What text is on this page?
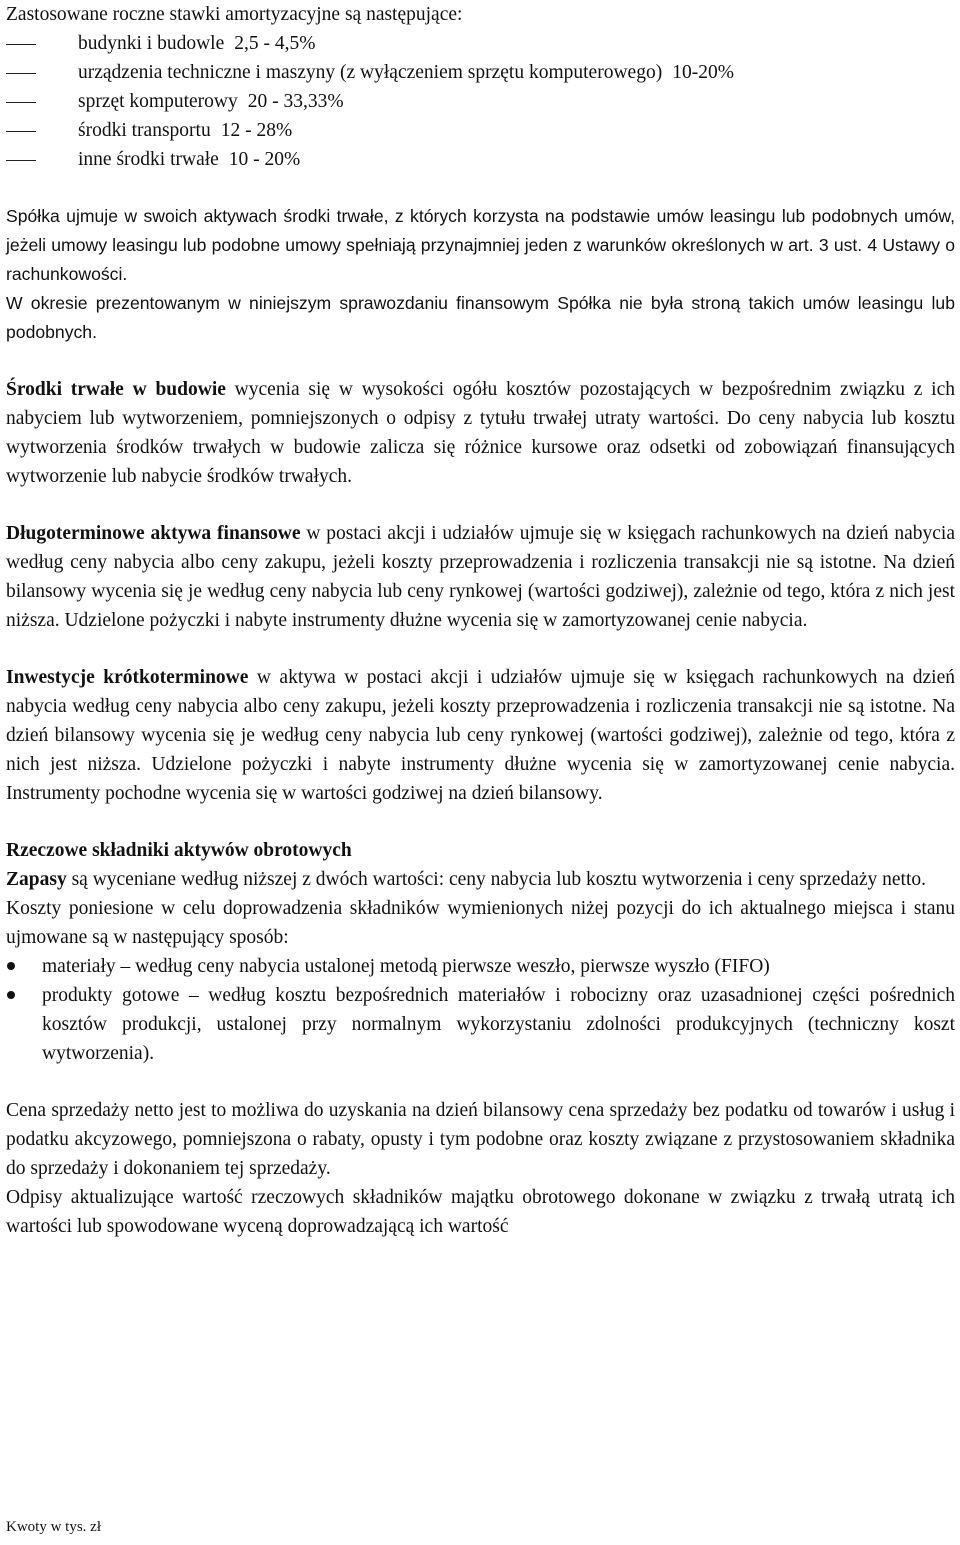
Zastosowane roczne stawki amortyzacyjne są następujące:
budynki i budowle 2,5 - 4,5%
urządzenia techniczne i maszyny (z wyłączeniem sprzętu komputerowego) 10-20%
sprzęt komputerowy 20 - 33,33%
środki transportu 12 - 28%
inne środki trwałe 10 - 20%

Spółka ujmuje w swoich aktywach środki trwałe, z których korzysta na podstawie umów leasingu lub podobnych umów, jeżeli umowy leasingu lub podobne umowy spełniają przynajmniej jeden z warunków określonych w art. 3 ust. 4 Ustawy o rachunkowości.

W okresie prezentowanym w niniejszym sprawozdaniu finansowym Spółka nie była stroną takich umów leasingu lub podobnych.

Środki trwałe w budowie wycenia się w wysokości ogółu kosztów pozostających w bezpośrednim związku z ich nabyciem lub wytworzeniem, pomniejszonych o odpisy z tytułu trwałej utraty wartości. Do ceny nabycia lub kosztu wytworzenia środków trwałych w budowie zalicza się różnice kursowe oraz odsetki od zobowiązań finansujących wytworzenie lub nabycie środków trwałych.

Długoterminowe aktywa finansowe w postaci akcji i udziałów ujmuje się w księgach rachunkowych na dzień nabycia według ceny nabycia albo ceny zakupu, jeżeli koszty przeprowadzenia i rozliczenia transakcji nie są istotne. Na dzień bilansowy wycenia się je według ceny nabycia lub ceny rynkowej (wartości godziwej), zależnie od tego, która z nich jest niższa. Udzielone pożyczki i nabyte instrumenty dłużne wycenia się w zamortyzowanej cenie nabycia.

Inwestycje krótkoterminowe w aktywa w postaci akcji i udziałów ujmuje się w księgach rachunkowych na dzień nabycia według ceny nabycia albo ceny zakupu, jeżeli koszty przeprowadzenia i rozliczenia transakcji nie są istotne. Na dzień bilansowy wycenia się je według ceny nabycia lub ceny rynkowej (wartości godziwej), zależnie od tego, która z nich jest niższa. Udzielone pożyczki i nabyte instrumenty dłużne wycenia się w zamortyzowanej cenie nabycia. Instrumenty pochodne wycenia się w wartości godziwej na dzień bilansowy.

Rzeczowe składniki aktywów obrotowych

Zapasy są wyceniane według niższej z dwóch wartości: ceny nabycia lub kosztu wytworzenia i ceny sprzedaży netto.

Koszty poniesione w celu doprowadzenia składników wymienionych niżej pozycji do ich aktualnego miejsca i stanu ujmowane są w następujący sposób:

materiały – według ceny nabycia ustalonej metodą pierwsze weszło, pierwsze wyszło (FIFO)
produkty gotowe – według kosztu bezpośrednich materiałów i robocizny oraz uzasadnionej części pośrednich kosztów produkcji, ustalonej przy normalnym wykorzystaniu zdolności produkcyjnych (techniczny koszt wytworzenia).

Cena sprzedaży netto jest to możliwa do uzyskania na dzień bilansowy cena sprzedaży bez podatku od towarów i usług i podatku akcyzowego, pomniejszona o rabaty, opusty i tym podobne oraz koszty związane z przystosowaniem składnika do sprzedaży i dokonaniem tej sprzedaży.

Odpisy aktualizujące wartość rzeczowych składników majątku obrotowego dokonane w związku z trwałą utratą ich wartości lub spowodowane wyceną doprowadzającą ich wartość

Kwoty w tys. zł
